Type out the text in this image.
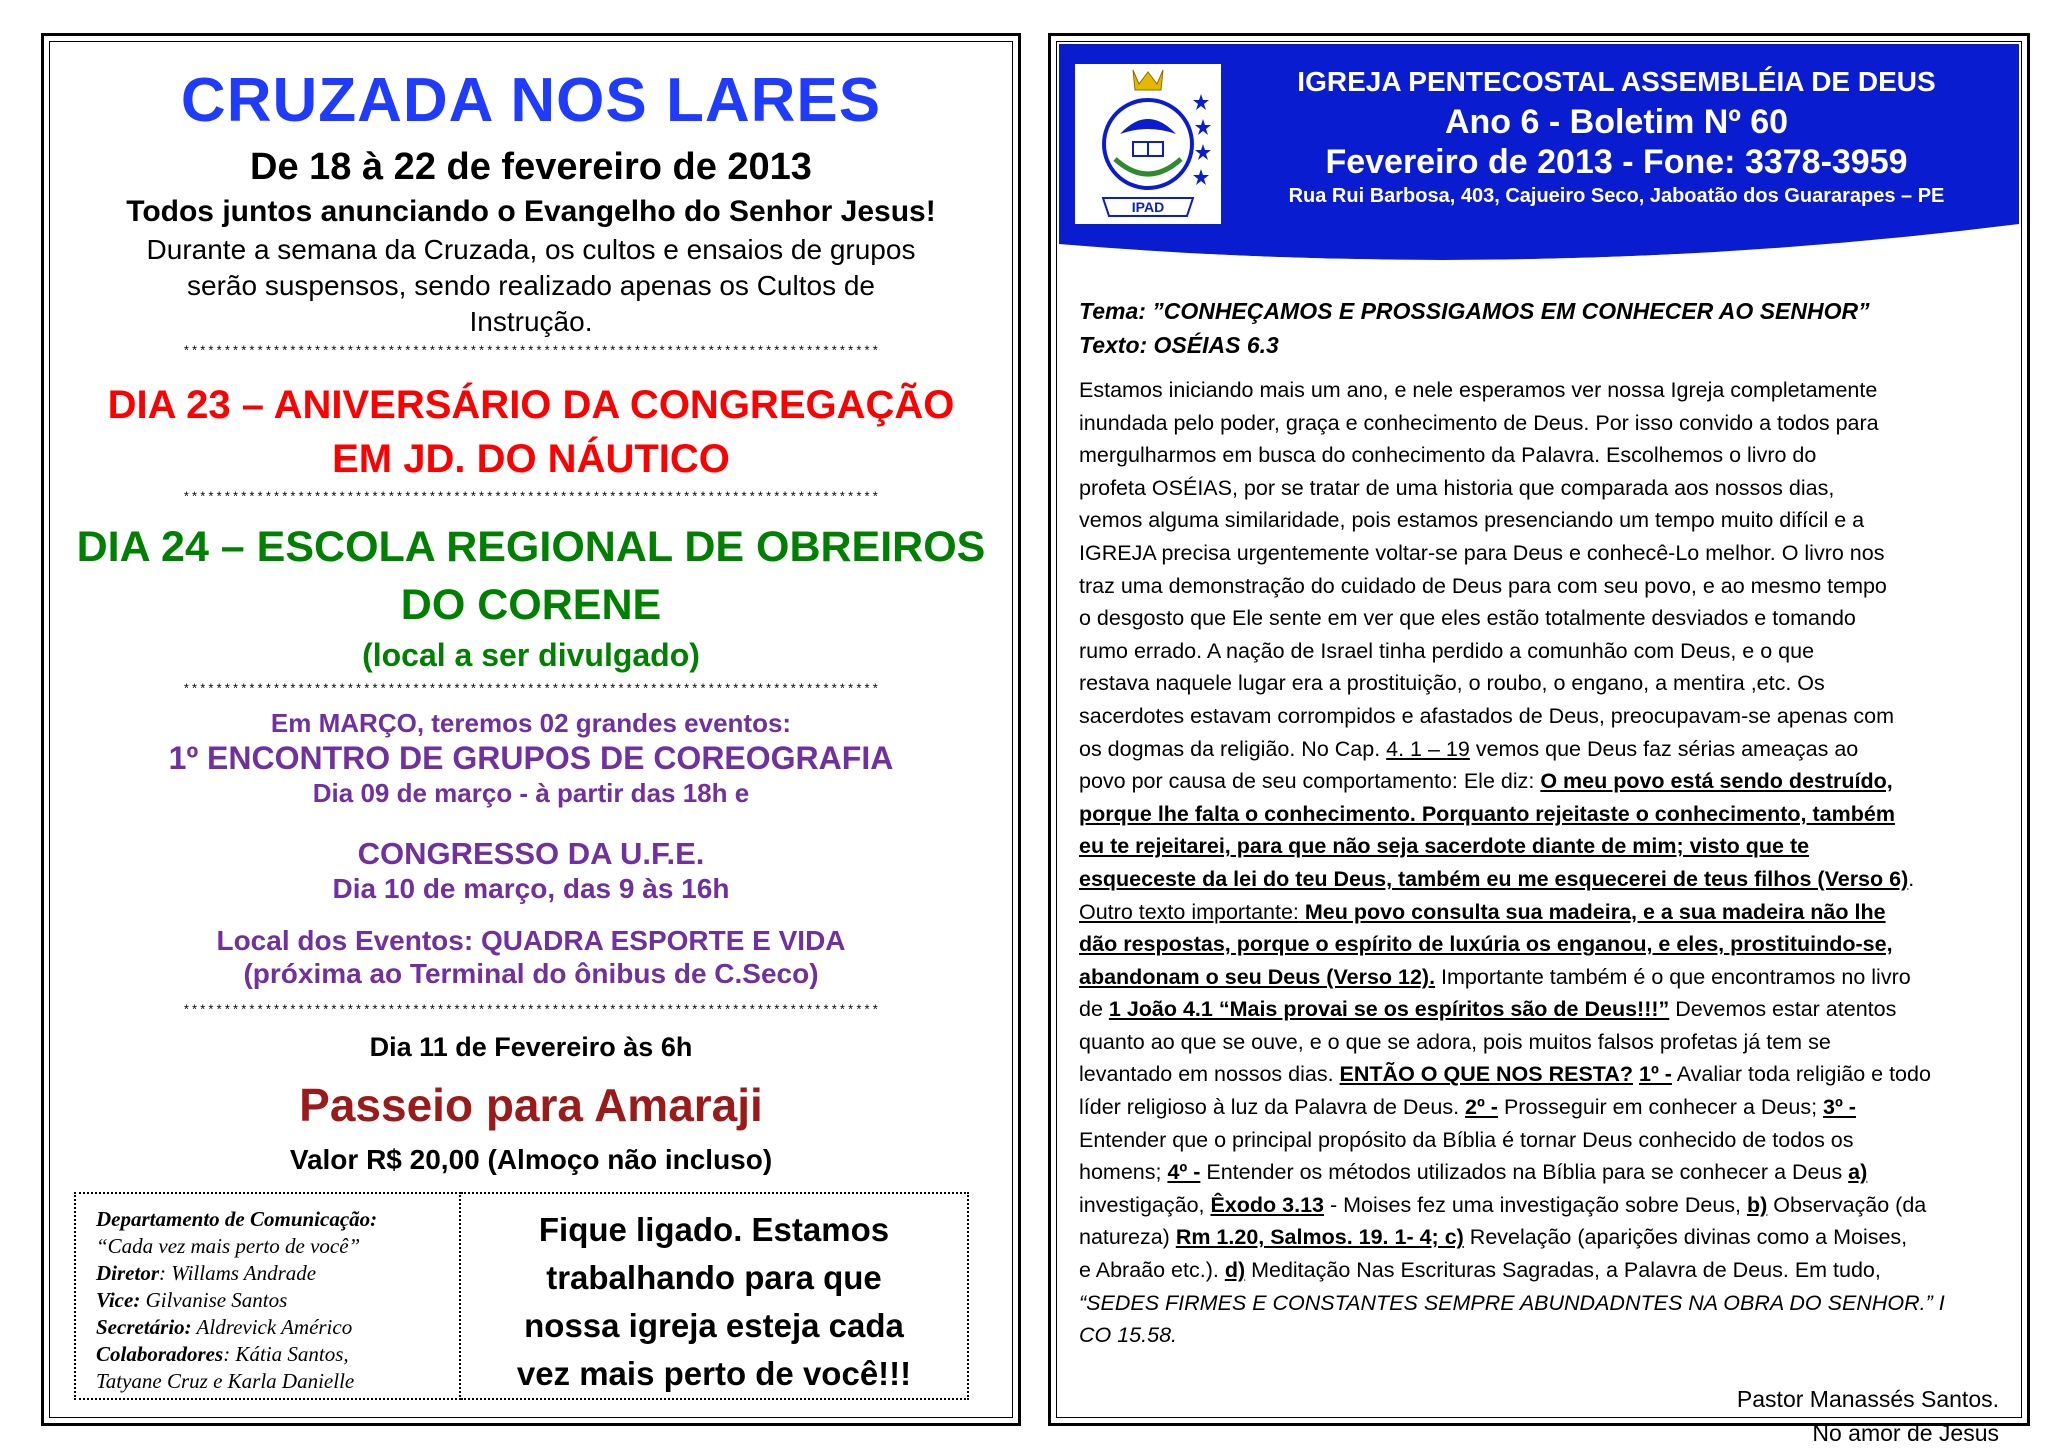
CRUZADA NOS LARES
De 18 à 22 de fevereiro de 2013
Todos juntos anunciando o Evangelho do Senhor Jesus!
Durante a semana da Cruzada, os cultos e ensaios de grupos
serão suspensos, sendo realizado apenas os Cultos de
Instrução.
*************************************************************************************
DIA 23 – ANIVERSÁRIO DA CONGREGAÇÃO
EM JD. DO NÁUTICO
*************************************************************************************
DIA 24 – ESCOLA REGIONAL DE OBREIROS
DO CORENE
(local a ser divulgado)
*************************************************************************************
Em MARÇO, teremos 02 grandes eventos:
1º ENCONTRO DE GRUPOS DE COREOGRAFIA
Dia 09 de março - à partir das 18h e
CONGRESSO DA U.F.E.
Dia 10 de março, das 9 às 16h
Local dos Eventos: QUADRA ESPORTE E VIDA
(próxima ao Terminal do ônibus de C.Seco)
*************************************************************************************
Dia 11 de Fevereiro às 6h
Passeio para Amaraji
Valor R$ 20,00 (Almoço não incluso)
Departamento de Comunicação:
“Cada vez mais perto de você”
Diretor: Willams Andrade
Vice: Gilvanise Santos
Secretário: Aldrevick Américo
Colaboradores: Kátia Santos,
Tatyane Cruz e Karla Danielle
Fique ligado. Estamos
trabalhando para que
nossa igreja esteja cada
vez mais perto de você!!!
IPAD
IGREJA PENTECOSTAL ASSEMBLÉIA DE DEUS
Ano 6 - Boletim Nº 60
Fevereiro de 2013 - Fone: 3378-3959
Rua Rui Barbosa, 403, Cajueiro Seco, Jaboatão dos Guararapes – PE
Tema: ”CONHEÇAMOS E PROSSIGAMOS EM CONHECER AO SENHOR”
Texto: OSÉIAS 6.3
Estamos iniciando mais um ano, e nele esperamos ver nossa Igreja completamente
inundada pelo poder, graça e conhecimento de Deus. Por isso convido a todos para
mergulharmos em busca do conhecimento da Palavra. Escolhemos o livro do
profeta OSÉIAS, por se tratar de uma historia que comparada aos nossos dias,
vemos alguma similaridade, pois estamos presenciando um tempo muito difícil e a
IGREJA precisa urgentemente voltar-se para Deus e conhecê-Lo melhor. O livro nos
traz uma demonstração do cuidado de Deus para com seu povo, e ao mesmo tempo
o desgosto que Ele sente em ver que eles estão totalmente desviados e tomando
rumo errado. A nação de Israel tinha perdido a comunhão com Deus, e o que
restava naquele lugar era a prostituição, o roubo, o engano, a mentira ,etc. Os
sacerdotes estavam corrompidos e afastados de Deus, preocupavam-se apenas com
os dogmas da religião. No Cap. 4. 1 – 19 vemos que Deus faz sérias ameaças ao
povo por causa de seu comportamento: Ele diz: O meu povo está sendo destruído,
porque lhe falta o conhecimento. Porquanto rejeitaste o conhecimento, também
eu te rejeitarei, para que não seja sacerdote diante de mim; visto que te
esqueceste da lei do teu Deus, também eu me esquecerei de teus filhos (Verso 6).
Outro texto importante: Meu povo consulta sua madeira, e a sua madeira não lhe
dão respostas, porque o espírito de luxúria os enganou, e eles, prostituindo-se,
abandonam o seu Deus (Verso 12). Importante também é o que encontramos no livro
de 1 João 4.1 “Mais provai se os espíritos são de Deus!!!” Devemos estar atentos
quanto ao que se ouve, e o que se adora, pois muitos falsos profetas já tem se
levantado em nossos dias. ENTÃO O QUE NOS RESTA? 1º - Avaliar toda religião e todo
líder religioso à luz da Palavra de Deus. 2º - Prosseguir em conhecer a Deus; 3º -
Entender que o principal propósito da Bíblia é tornar Deus conhecido de todos os
homens; 4º - Entender os métodos utilizados na Bíblia para se conhecer a Deus a)
investigação, Êxodo 3.13 - Moises fez uma investigação sobre Deus, b) Observação (da
natureza) Rm 1.20, Salmos. 19. 1- 4; c) Revelação (aparições divinas como a Moises,
e Abraão etc.). d) Meditação Nas Escrituras Sagradas, a Palavra de Deus. Em tudo,
“SEDES FIRMES E CONSTANTES SEMPRE ABUNDADNTES NA OBRA DO SENHOR.” I
CO 15.58.
Pastor Manassés Santos.
No amor de Jesus
